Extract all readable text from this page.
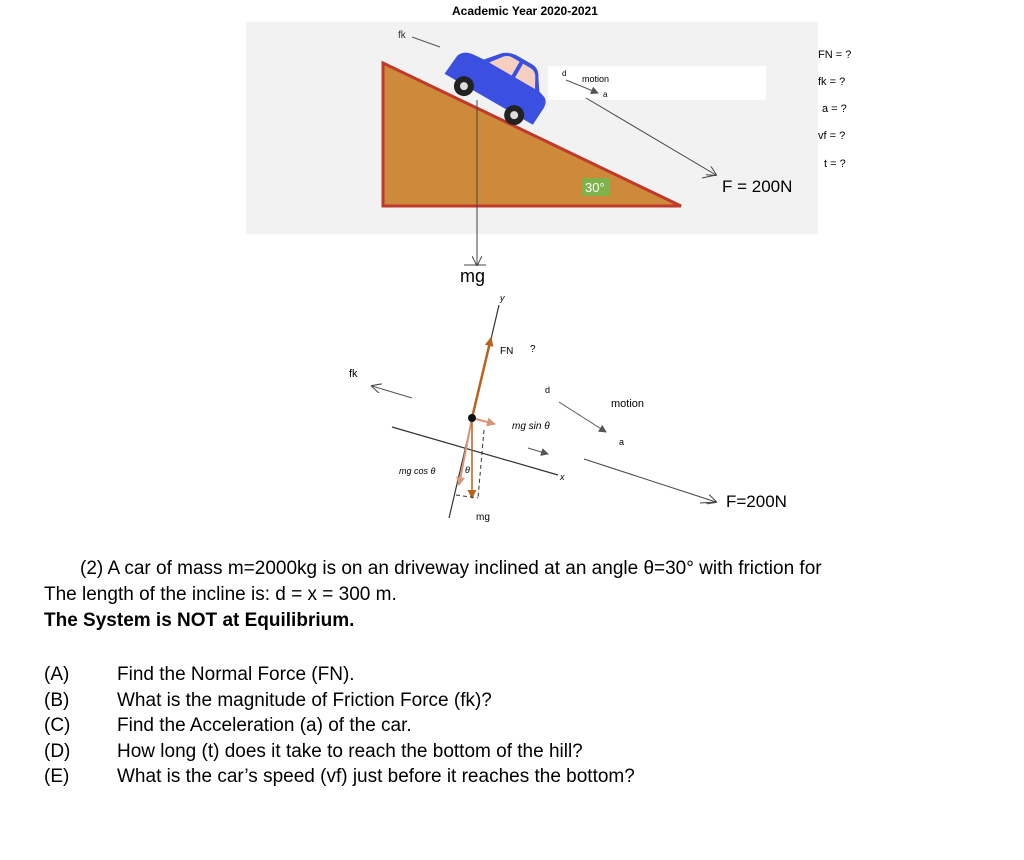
Academic Year 2020-2021
fk
d
motion
a
F = 200N
30°
mg
FN = ?
fk = ?
a = ?
vf = ?
t = ?
fk
x
y
FN ?
mg sin θ
mg cos θ	θ
mg
d
motion
a
F=200N
(2) A car of mass m=2000kg is on an driveway inclined at an angle θ=30° with friction for
The length of the incline is: d = x = 300 m.
The System is NOT at Equilibrium.
(A)	Find the Normal Force (FN).
(B)	What is the magnitude of Friction Force (fk)?
(C)	Find the Acceleration (a) of the car.
(D)	How long (t) does it take to reach the bottom of the hill?
(E)	What is the car’s speed (vf) just before it reaches the bottom?
